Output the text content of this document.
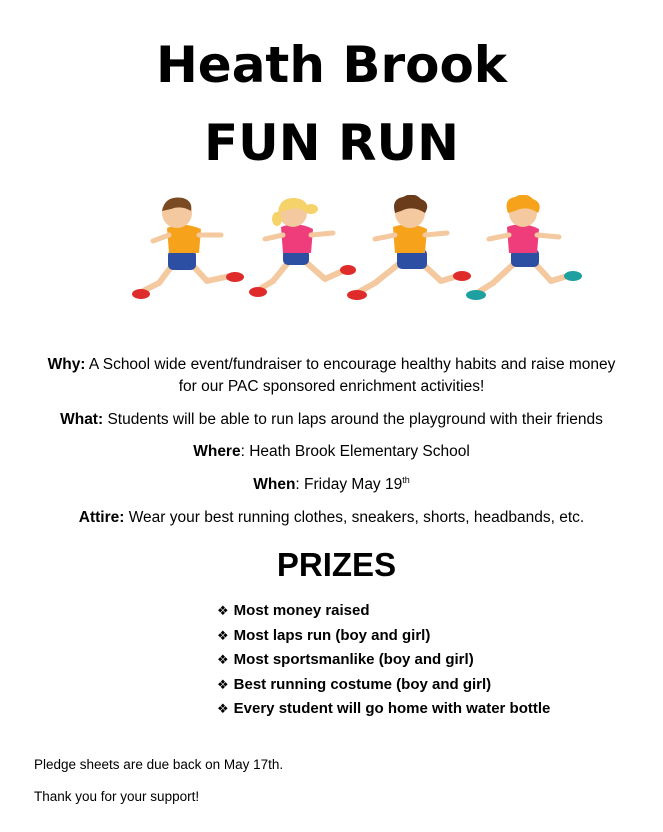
Heath Brook
FUN RUN
Why: A School wide event/fundraiser to encourage healthy habits and raise money
for our PAC sponsored enrichment activities!
What: Students will be able to run laps around the playground with their friends
Where: Heath Brook Elementary School
When: Friday May 19th
Attire: Wear your best running clothes, sneakers, shorts, headbands, etc.
PRIZES
❖ Most money raised
❖ Most laps run (boy and girl)
❖ Most sportsmanlike (boy and girl)
❖ Best running costume (boy and girl)
❖ Every student will go home with water bottle
Pledge sheets are due back on May 17th.
Thank you for your support!
